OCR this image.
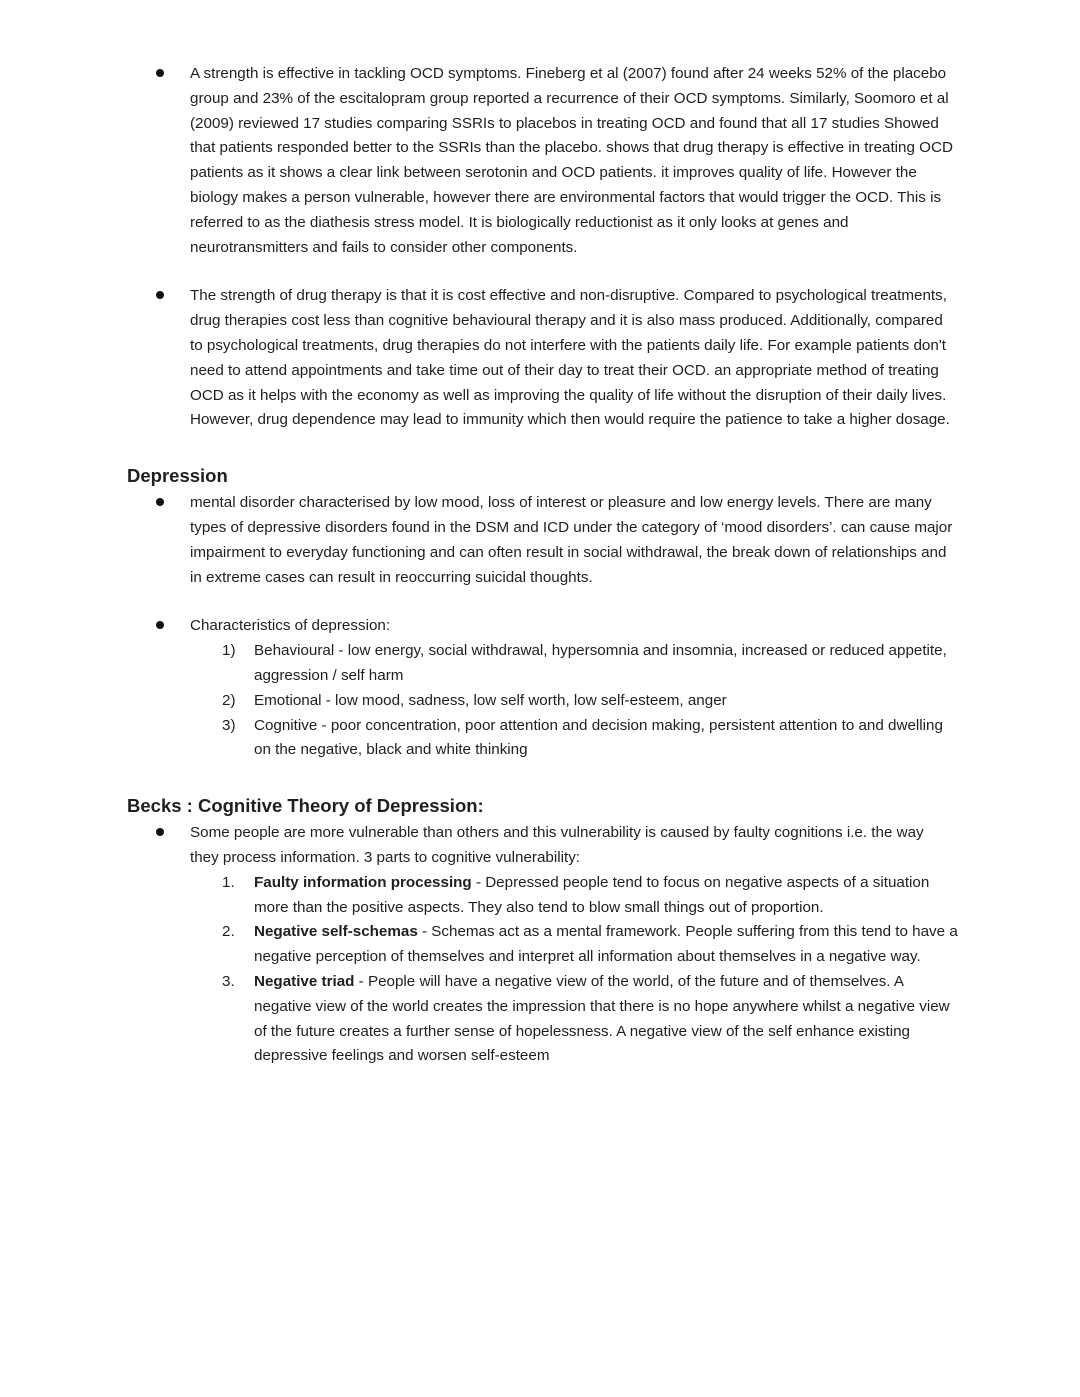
A strength is effective in tackling OCD symptoms. Fineberg et al (2007) found after 24 weeks 52% of the placebo group and 23% of the escitalopram group reported a recurrence of their OCD symptoms. Similarly, Soomoro et al (2009) reviewed 17 studies comparing SSRIs to placebos in treating OCD and found that all 17 studies Showed that patients responded better to the SSRIs than the placebo. shows that drug therapy is effective in treating OCD patients as it shows a clear link between serotonin and OCD patients. it improves quality of life. However the biology makes a person vulnerable, however there are environmental factors that would trigger the OCD. This is referred to as the diathesis stress model. It is biologically reductionist as it only looks at genes and neurotransmitters and fails to consider other components.
The strength of drug therapy is that it is cost effective and non-disruptive. Compared to psychological treatments, drug therapies cost less than cognitive behavioural therapy and it is also mass produced. Additionally, compared to psychological treatments, drug therapies do not interfere with the patients daily life. For example patients don't need to attend appointments and take time out of their day to treat their OCD. an appropriate method of treating OCD as it helps with the economy as well as improving the quality of life without the disruption of their daily lives. However, drug dependence may lead to immunity which then would require the patience to take a higher dosage.
Depression
mental disorder characterised by low mood, loss of interest or pleasure and low energy levels. There are many types of depressive disorders found in the DSM and ICD under the category of ‘mood disorders’. can cause major impairment to everyday functioning and can often result in social withdrawal, the break down of relationships and in extreme cases can result in reoccurring suicidal thoughts.
Characteristics of depression:
1) Behavioural - low energy, social withdrawal, hypersomnia and insomnia, increased or reduced appetite, aggression / self harm
2) Emotional - low mood, sadness, low self worth, low self-esteem, anger
3) Cognitive - poor concentration, poor attention and decision making, persistent attention to and dwelling on the negative, black and white thinking
Becks : Cognitive Theory of Depression:
Some people are more vulnerable than others and this vulnerability is caused by faulty cognitions i.e. the way they process information. 3 parts to cognitive vulnerability:
1. Faulty information processing - Depressed people tend to focus on negative aspects of a situation more than the positive aspects. They also tend to blow small things out of proportion.
2. Negative self-schemas - Schemas act as a mental framework. People suffering from this tend to have a negative perception of themselves and interpret all information about themselves in a negative way.
3. Negative triad - People will have a negative view of the world, of the future and of themselves. A negative view of the world creates the impression that there is no hope anywhere whilst a negative view of the future creates a further sense of hopelessness. A negative view of the self enhance existing depressive feelings and worsen self-esteem
